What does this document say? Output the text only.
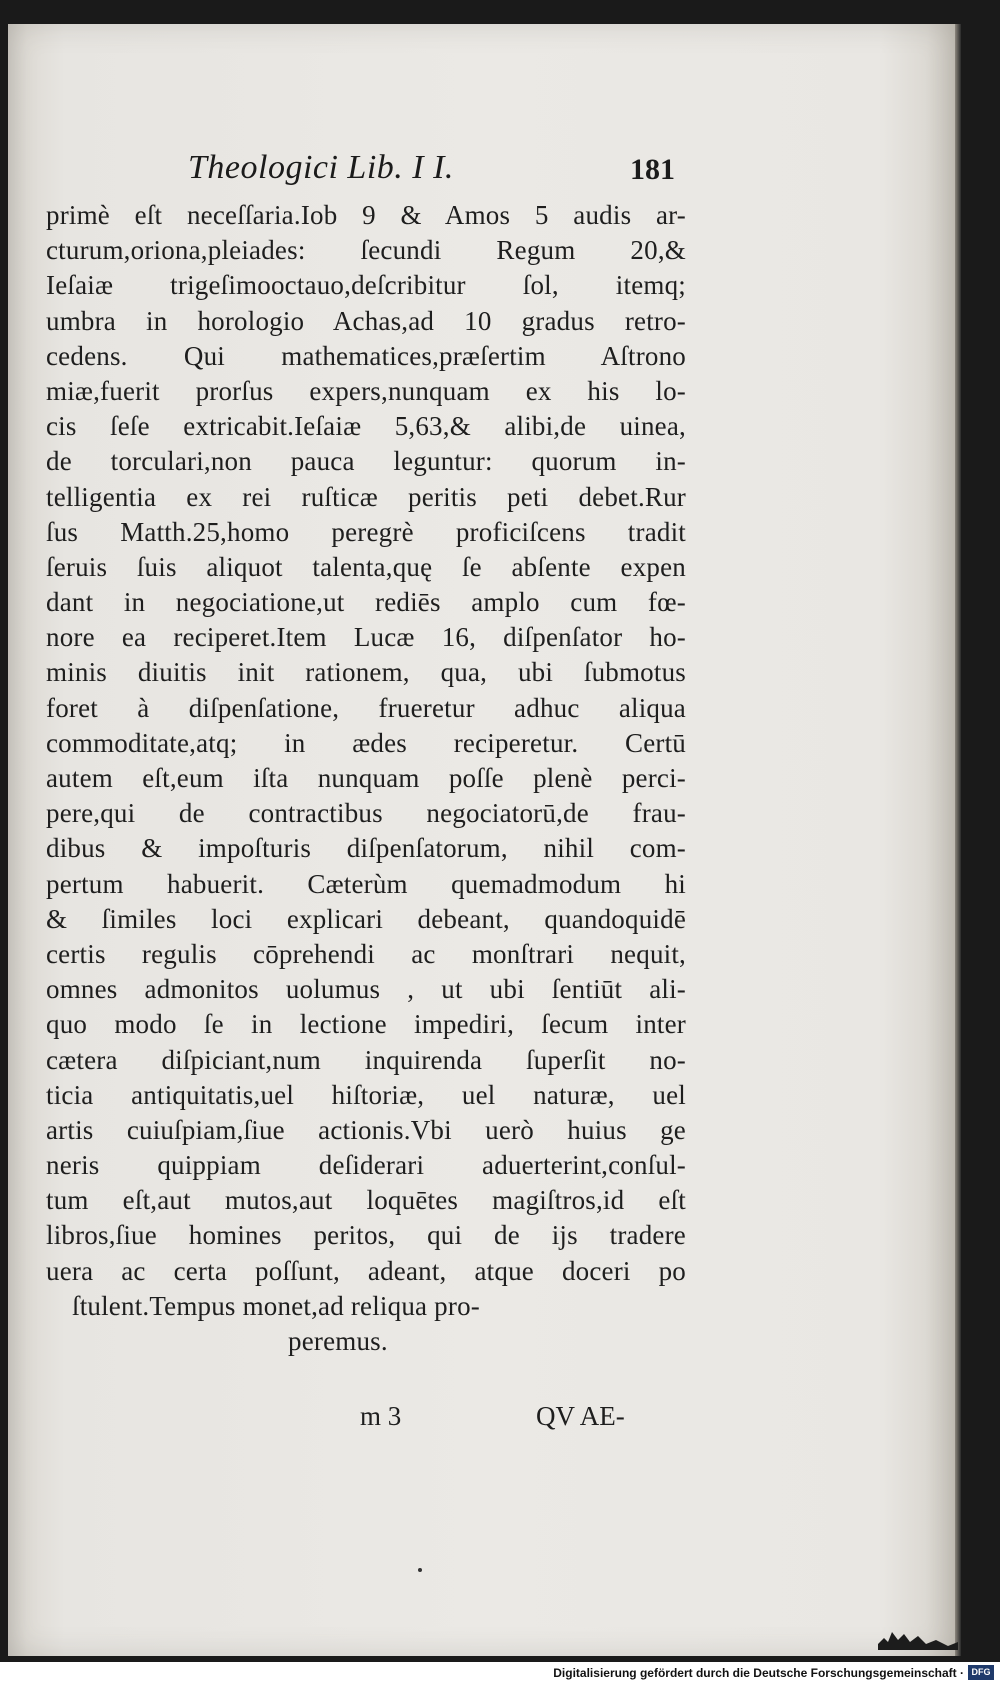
Theologici Lib. I I.	181
primè eſt neceſſaria.Iob 9 & Amos 5 audis ar-
cturum,oriona,pleiades: ſecundi Regum 20,&
Ieſaiæ trigeſimooctauo,deſcribitur ſol, itemq;
umbra in horologio Achas,ad 10 gradus retro-
cedens. Qui mathematices,præſertim Aſtrono
miæ,fuerit prorſus expers,nunquam ex his lo-
cis ſeſe extricabit.Ieſaiæ 5,63,& alibi,de uinea,
de torculari,non pauca leguntur: quorum in-
telligentia ex rei ruſticæ peritis peti debet.Rur
ſus Matth.25,homo peregrè proficiſcens tradit
ſeruis ſuis aliquot talenta,quę ſe abſente expen
dant in negociatione,ut rediēs amplo cum fœ-
nore ea reciperet.Item Lucæ 16, diſpenſator ho-
minis diuitis init rationem, qua, ubi ſubmotus
foret à diſpenſatione, frueretur adhuc aliqua
commoditate,atq; in ædes reciperetur. Certū
autem eſt,eum iſta nunquam poſſe plenè perci-
pere,qui de contractibus negociatorū,de frau-
dibus & impoſturis diſpenſatorum, nihil com-
pertum habuerit. Cæterùm quemadmodum hi
& ſimiles loci explicari debeant, quandoquidē
certis regulis cōprehendi ac monſtrari nequit,
omnes admonitos uolumus , ut ubi ſentiūt ali-
quo modo ſe in lectione impediri, ſecum inter
cætera diſpiciant,num inquirenda ſuperſit no-
ticia antiquitatis,uel hiſtoriæ, uel naturæ, uel
artis cuiuſpiam,ſiue actionis.Vbi uerò huius ge
neris quippiam deſiderari aduerterint,conſul-
tum eſt,aut mutos,aut loquētes magiſtros,id eſt
libros,ſiue homines peritos, qui de ijs tradere
uera ac certa poſſunt, adeant, atque doceri po
ſtulent.Tempus monet,ad reliqua pro-
peremus.
m 3	QV AE-
Digitalisierung gefördert durch die Deutsche Forschungsgemeinschaft · DFG
